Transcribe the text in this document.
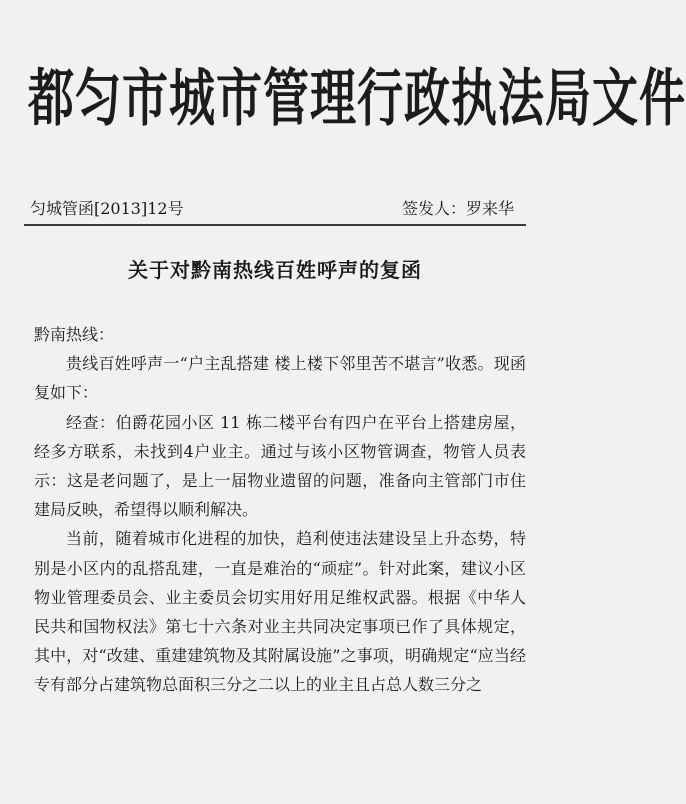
都匀市城市管理行政执法局文件
匀城管函[2013]12号	签发人：罗来华
关于对黔南热线百姓呼声的复函

黔南热线：

贵线百姓呼声一“户主乱搭建 楼上楼下邻里苦不堪言”收悉。现函复如下：

经查：伯爵花园小区 11 栋二楼平台有四户在平台上搭建房屋，经多方联系，未找到4户业主。通过与该小区物管调查，物管人员表示：这是老问题了，是上一届物业遗留的问题，准备向主管部门市住建局反映，希望得以顺利解决。

当前，随着城市化进程的加快，趋利使违法建设呈上升态势，特别是小区内的乱搭乱建，一直是难治的“顽症”。针对此案，建议小区物业管理委员会、业主委员会切实用好用足维权武器。根据《中华人民共和国物权法》第七十六条对业主共同决定事项已作了具体规定，其中，对“改建、重建建筑物及其附属设施”之事项，明确规定“应当经专有部分占建筑物总面积三分之二以上的业主且占总人数三分之
